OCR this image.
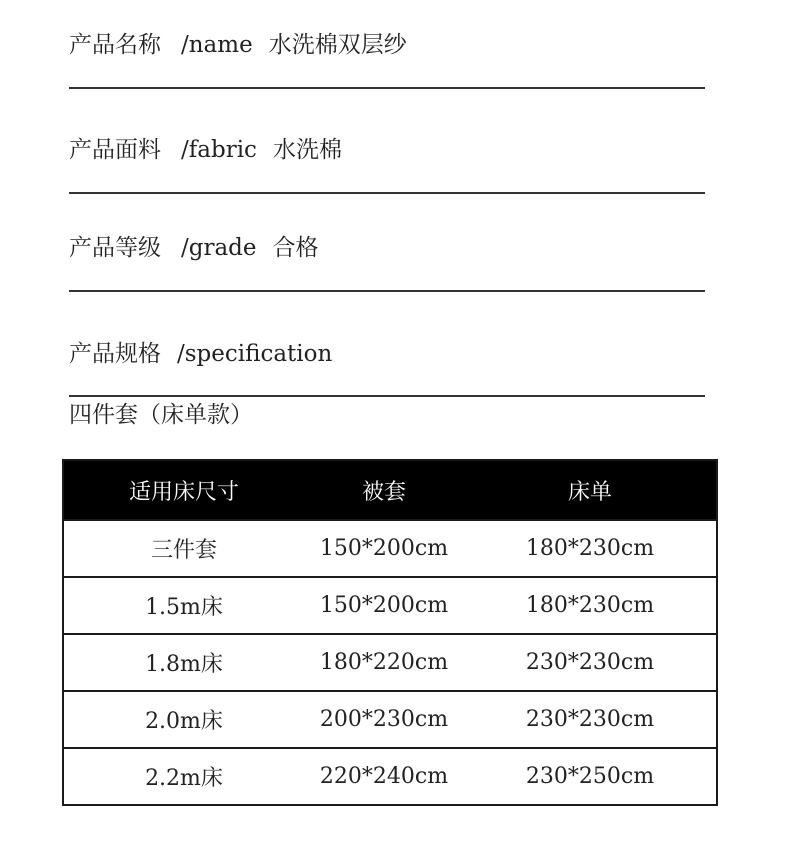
产品名称 /name 水洗棉双层纱
产品面料 /fabric 水洗棉
产品等级 /grade 合格
产品规格 /specification
四件套（床单款）
适用床尺寸	被套	床单
三件套	150*200cm	180*230cm
1.5m床	150*200cm	180*230cm
1.8m床	180*220cm	230*230cm
2.0m床	200*230cm	230*230cm
2.2m床	220*240cm	230*250cm
